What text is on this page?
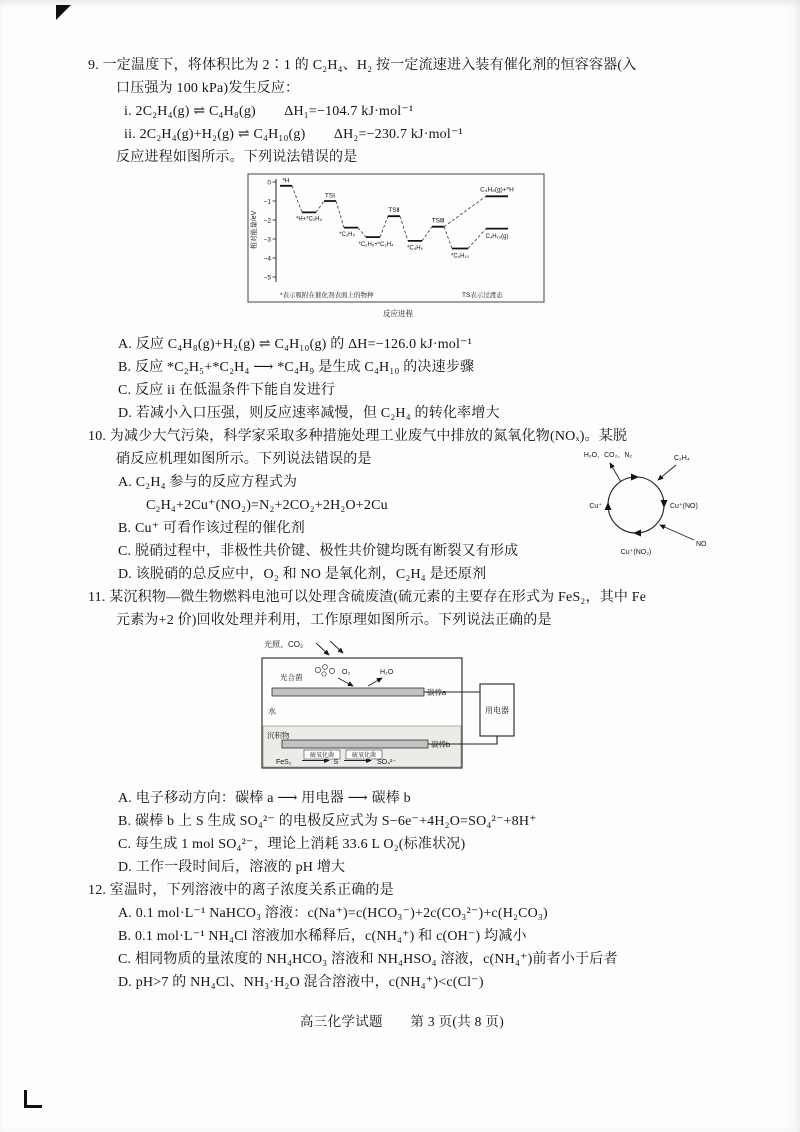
9. 一定温度下，将体积比为 2∶1 的 C₂H₄、H₂ 按一定流速进入装有催化剂的恒容容器(入

口压强为 100 kPa)发生反应：

i. 2C₂H₄(g) ⇌ C₄H₈(g)　　ΔH₁=−104.7 kJ·mol⁻¹

ii. 2C₂H₄(g)+H₂(g) ⇌ C₄H₁₀(g)　　ΔH₂=−230.7 kJ·mol⁻¹

反应进程如图所示。下列说法错误的是

0
−1
−2
−3
−4
−5
相对能量/eV
*H
TSⅠ
*H+*C₂H₄
*C₂H₅
*C₂H₅+*C₂H₄
TSⅡ
*C₄H₉
TSⅢ
*C₄H₁₀
C₄H₁₀(g)
C₄H₈(g)+*H
*表示吸附在催化剂表面上的物种	TS表示过渡态
反应进程

A. 反应 C₄H₈(g)+H₂(g) ⇌ C₄H₁₀(g) 的 ΔH=−126.0 kJ·mol⁻¹

B. 反应 *C₂H₅+*C₂H₄ ⟶ *C₄H₉ 是生成 C₄H₁₀ 的决速步骤

C. 反应 ii 在低温条件下能自发进行

D. 若减小入口压强，则反应速率减慢，但 C₂H₄ 的转化率增大

H₂O、CO₂、N₂	C₂H₄
Cu⁺	Cu⁺(NO)
NO
Cu⁺(NO₂)

10. 为减少大气污染，科学家采取多种措施处理工业废气中排放的氮氧化物(NOₓ)。某脱

硝反应机理如图所示。下列说法错误的是

A. C₂H₄ 参与的反应方程式为

C₂H₄+2Cu⁺(NO₂)=N₂+2CO₂+2H₂O+2Cu

B. Cu⁺ 可看作该过程的催化剂

C. 脱硝过程中，非极性共价键、极性共价键均既有断裂又有形成

D. 该脱硝的总反应中，O₂ 和 NO 是氧化剂，C₂H₄ 是还原剂

11. 某沉积物—微生物燃料电池可以处理含硫废渣(硫元素的主要存在形式为 FeS₂，其中 Fe

元素为+2 价)回收处理并利用，工作原理如图所示。下列说法正确的是

光照、CO₂
光合菌
O₂	H₂O
碳棒a
用电器
水
沉积物
碳棒b
FeS₂
硫氧化菌
S
硫氧化菌
SO₄²⁻

A. 电子移动方向：碳棒 a ⟶ 用电器 ⟶ 碳棒 b

B. 碳棒 b 上 S 生成 SO₄²⁻ 的电极反应式为 S−6e⁻+4H₂O=SO₄²⁻+8H⁺

C. 每生成 1 mol SO₄²⁻，理论上消耗 33.6 L O₂(标准状况)

D. 工作一段时间后，溶液的 pH 增大

12. 室温时，下列溶液中的离子浓度关系正确的是

A. 0.1 mol·L⁻¹ NaHCO₃ 溶液：c(Na⁺)=c(HCO₃⁻)+2c(CO₃²⁻)+c(H₂CO₃)

B. 0.1 mol·L⁻¹ NH₄Cl 溶液加水稀释后，c(NH₄⁺) 和 c(OH⁻) 均减小

C. 相同物质的量浓度的 NH₄HCO₃ 溶液和 NH₄HSO₄ 溶液，c(NH₄⁺)前者小于后者

D. pH>7 的 NH₄Cl、NH₃·H₂O 混合溶液中，c(NH₄⁺)<c(Cl⁻)

高三化学试题　　第 3 页(共 8 页)
